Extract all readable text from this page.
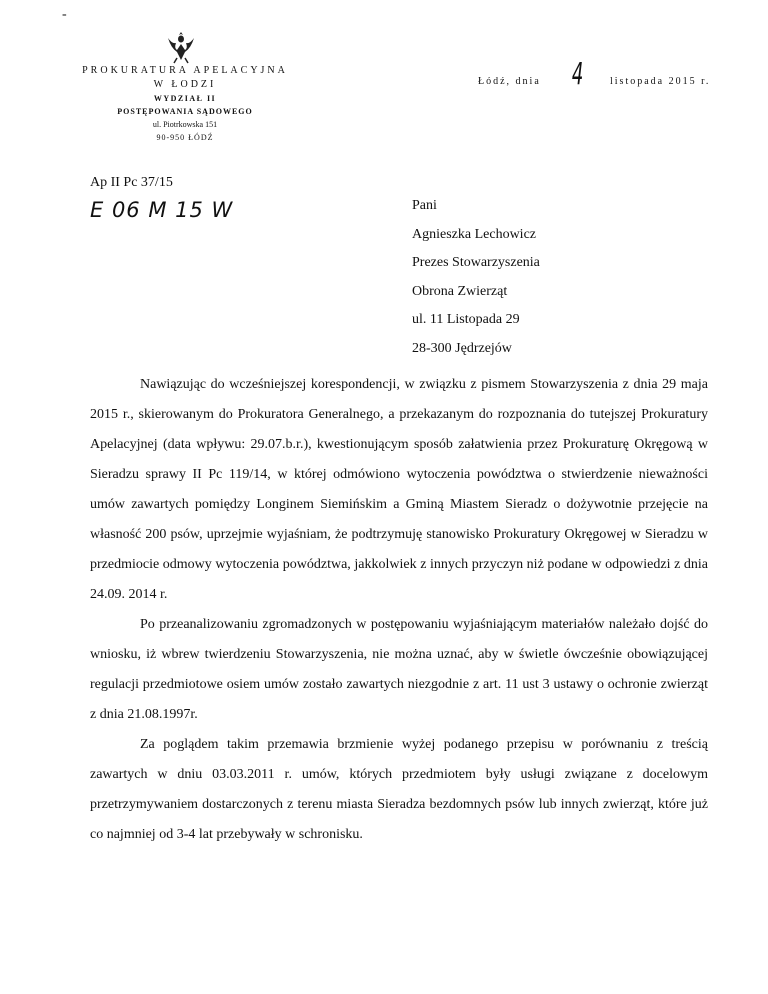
-
PROKURATURA APELACYJNA
W ŁODZI
WYDZIAŁ II
POSTĘPOWANIA SĄDOWEGO
ul. Piotrkowska 151
90-950 ŁÓDŹ
Łódź, dnia 4	listopada 2015 r.
Ap II Pc 37/15
E 06 M 15 W	Pani
Agnieszka Lechowicz
Prezes Stowarzyszenia
Obrona Zwierząt
ul. 11 Listopada 29
28-300 Jędrzejów

Nawiązując do wcześniejszej korespondencji, w związku z pismem Stowarzyszenia z dnia 29 maja 2015 r., skierowanym do Prokuratora Generalnego, a przekazanym do rozpoznania do tutejszej Prokuratury Apelacyjnej (data wpływu: 29.07.b.r.), kwestionującym sposób załatwienia przez Prokuraturę Okręgową w Sieradzu sprawy II Pc 119/14, w której odmówiono wytoczenia powództwa o stwierdzenie nieważności umów zawartych pomiędzy Longinem Siemińskim a Gminą Miastem Sieradz o dożywotnie przejęcie na własność 200 psów, uprzejmie wyjaśniam, że podtrzymuję stanowisko Prokuratury Okręgowej w Sieradzu w przedmiocie odmowy wytoczenia powództwa, jakkolwiek z innych przyczyn niż podane w odpowiedzi z dnia 24.09. 2014 r.

Po przeanalizowaniu zgromadzonych w postępowaniu wyjaśniającym materiałów należało dojść do wniosku, iż wbrew twierdzeniu Stowarzyszenia, nie można uznać, aby w świetle ówcześnie obowiązującej regulacji przedmiotowe osiem umów zostało zawartych niezgodnie z art. 11 ust 3 ustawy o ochronie zwierząt z dnia 21.08.1997r.

Za poglądem takim przemawia brzmienie wyżej podanego przepisu w porównaniu z treścią zawartych w dniu 03.03.2011 r. umów, których przedmiotem były usługi związane z docelowym przetrzymywaniem dostarczonych z terenu miasta Sieradza bezdomnych psów lub innych zwierząt, które już co najmniej od 3-4 lat przebywały w schronisku.
